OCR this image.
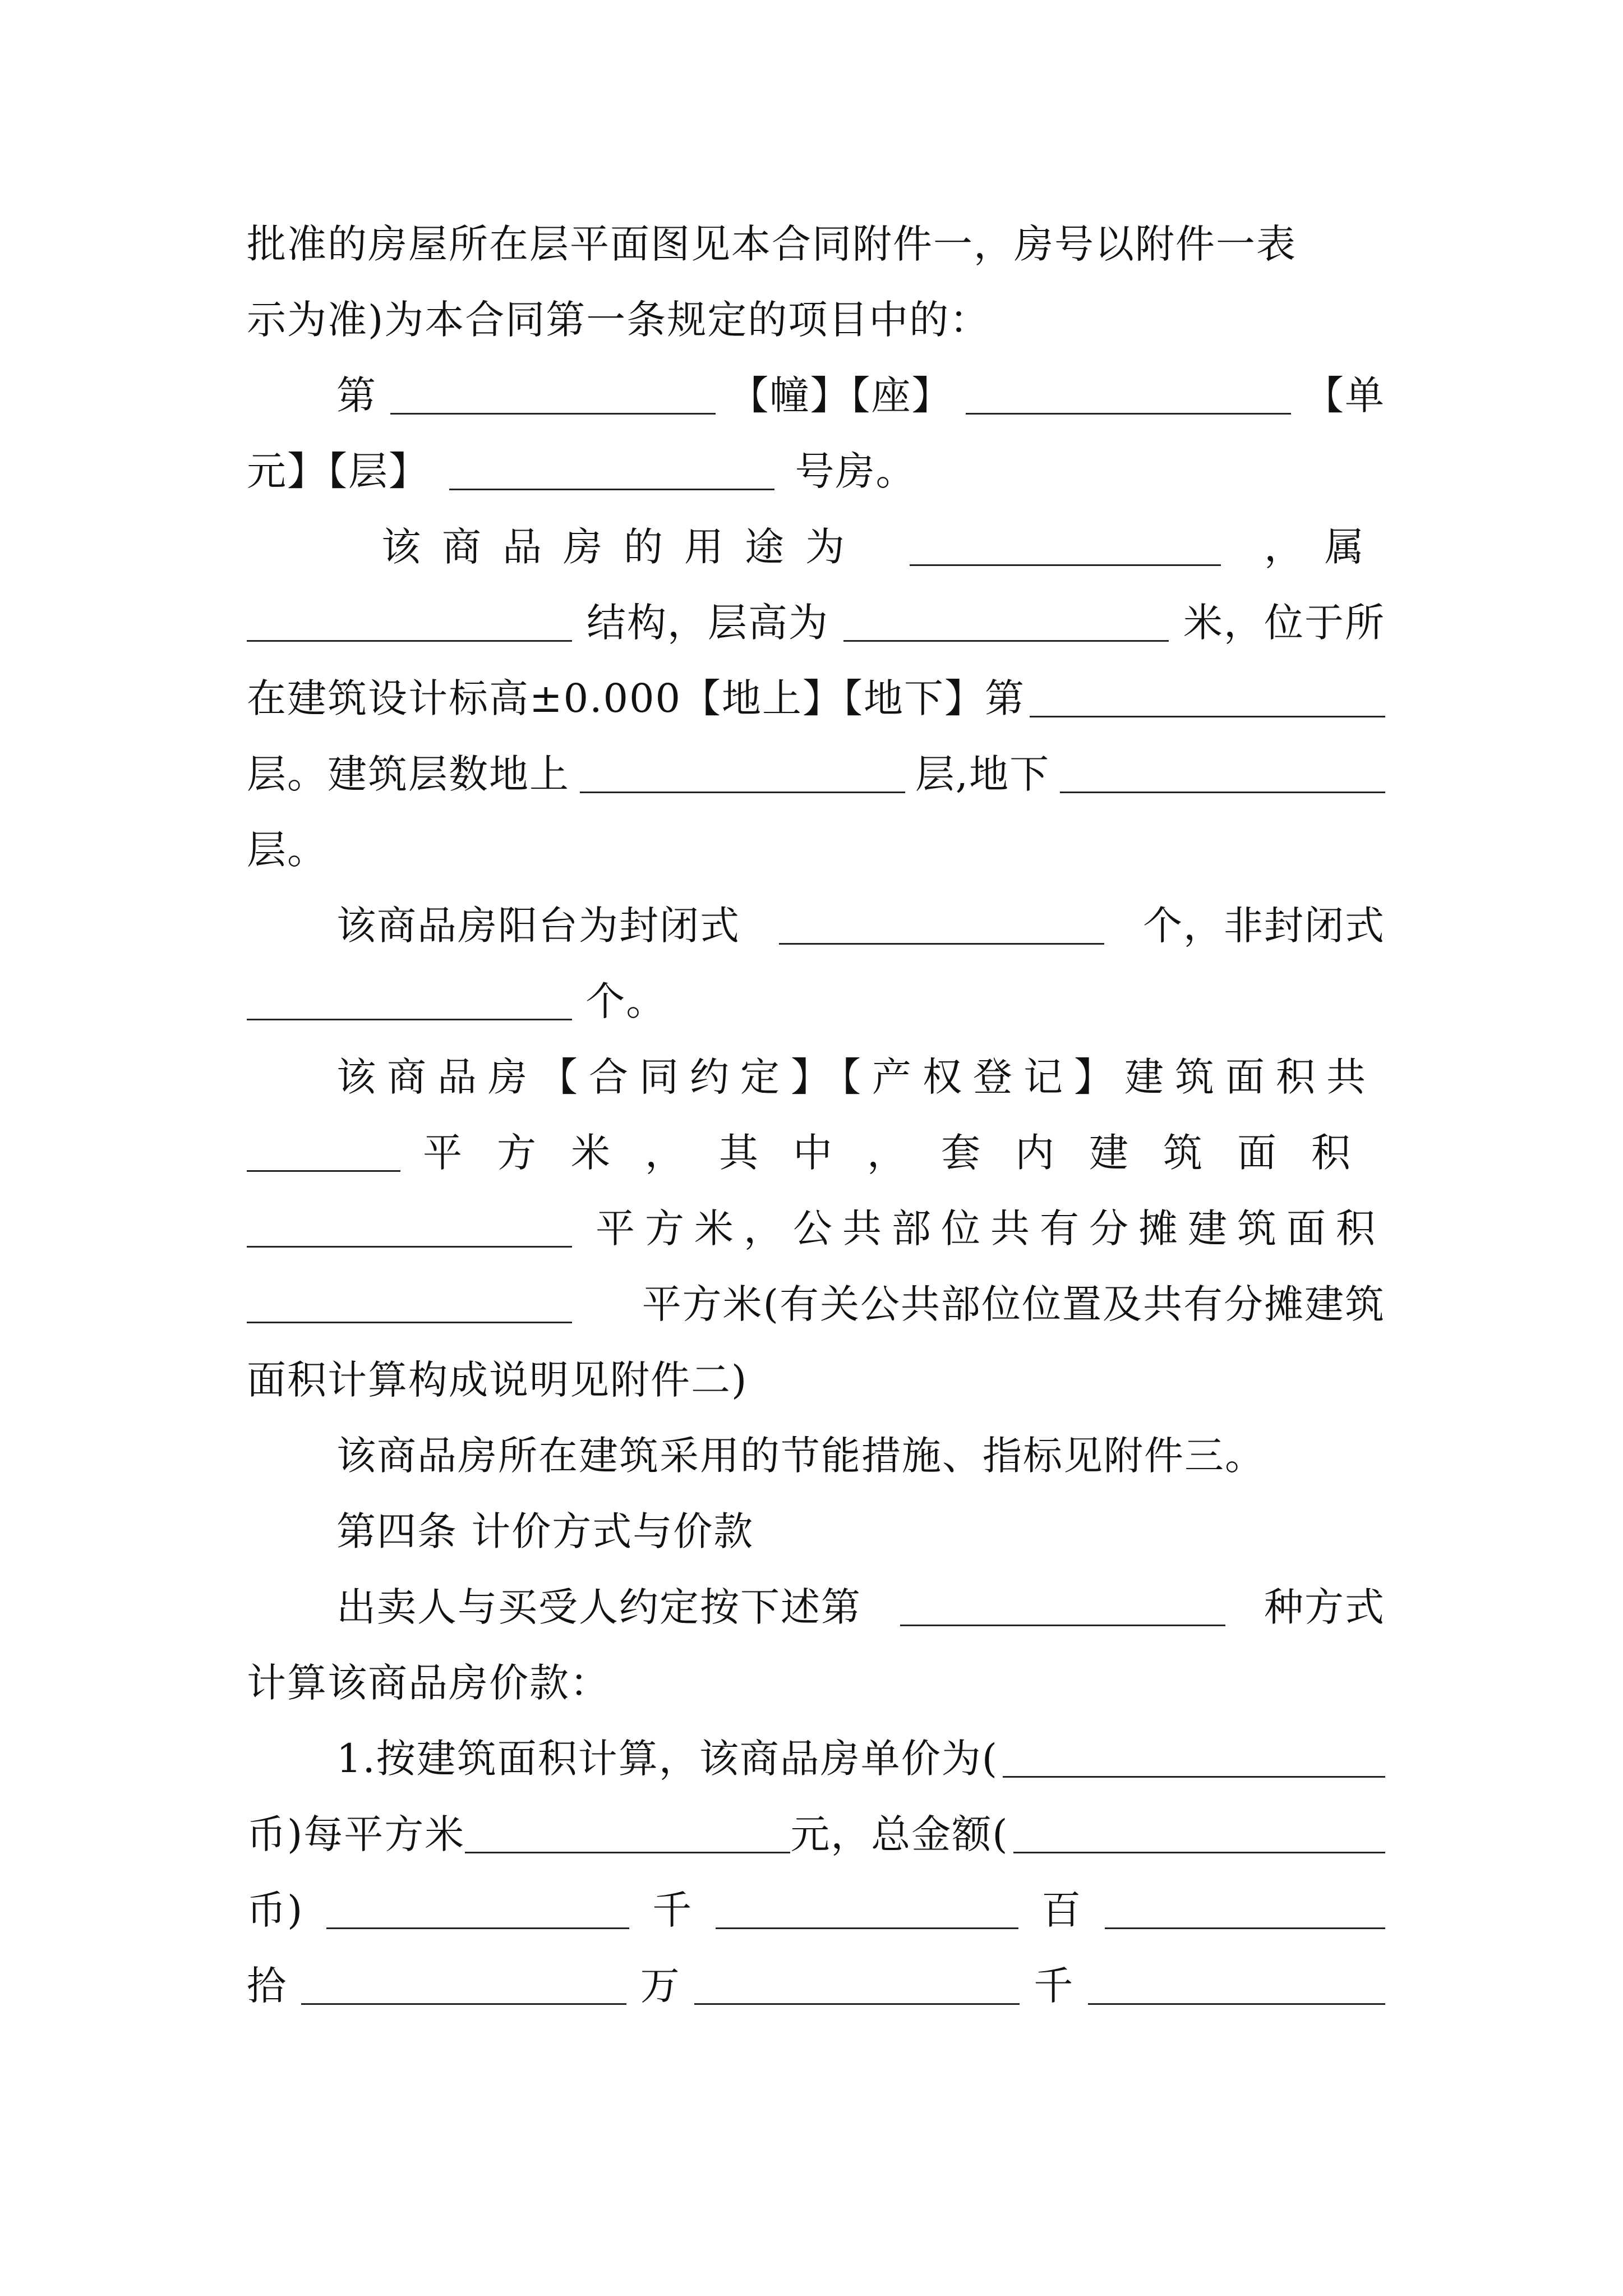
批准的房屋所在层平面图见本合同附件一，房号以附件一表
示为准)为本合同第一条规定的项目中的：
第	【幢】【座】	【单
元】【层】	号房。
该商品房的用途为	，属
结构，层高为	米，位于所
在建筑设计标高±0.000【地上】【地下】第
层。建筑层数地上	层,地下
层。
该商品房阳台为封闭式	个，非封闭式
个。
该商品房【合同约定】【产权登记】建筑面积共
平方米，其中，套内建筑面积
平方米，公共部位共有分摊建筑面积
平方米(有关公共部位位置及共有分摊建筑
面积计算构成说明见附件二)
该商品房所在建筑采用的节能措施、指标见附件三。
第四条 计价方式与价款
出卖人与买受人约定按下述第	种方式
计算该商品房价款：
1.按建筑面积计算，该商品房单价为(
币)每平方米	元，总金额(
币)	千	百
拾	万	千
